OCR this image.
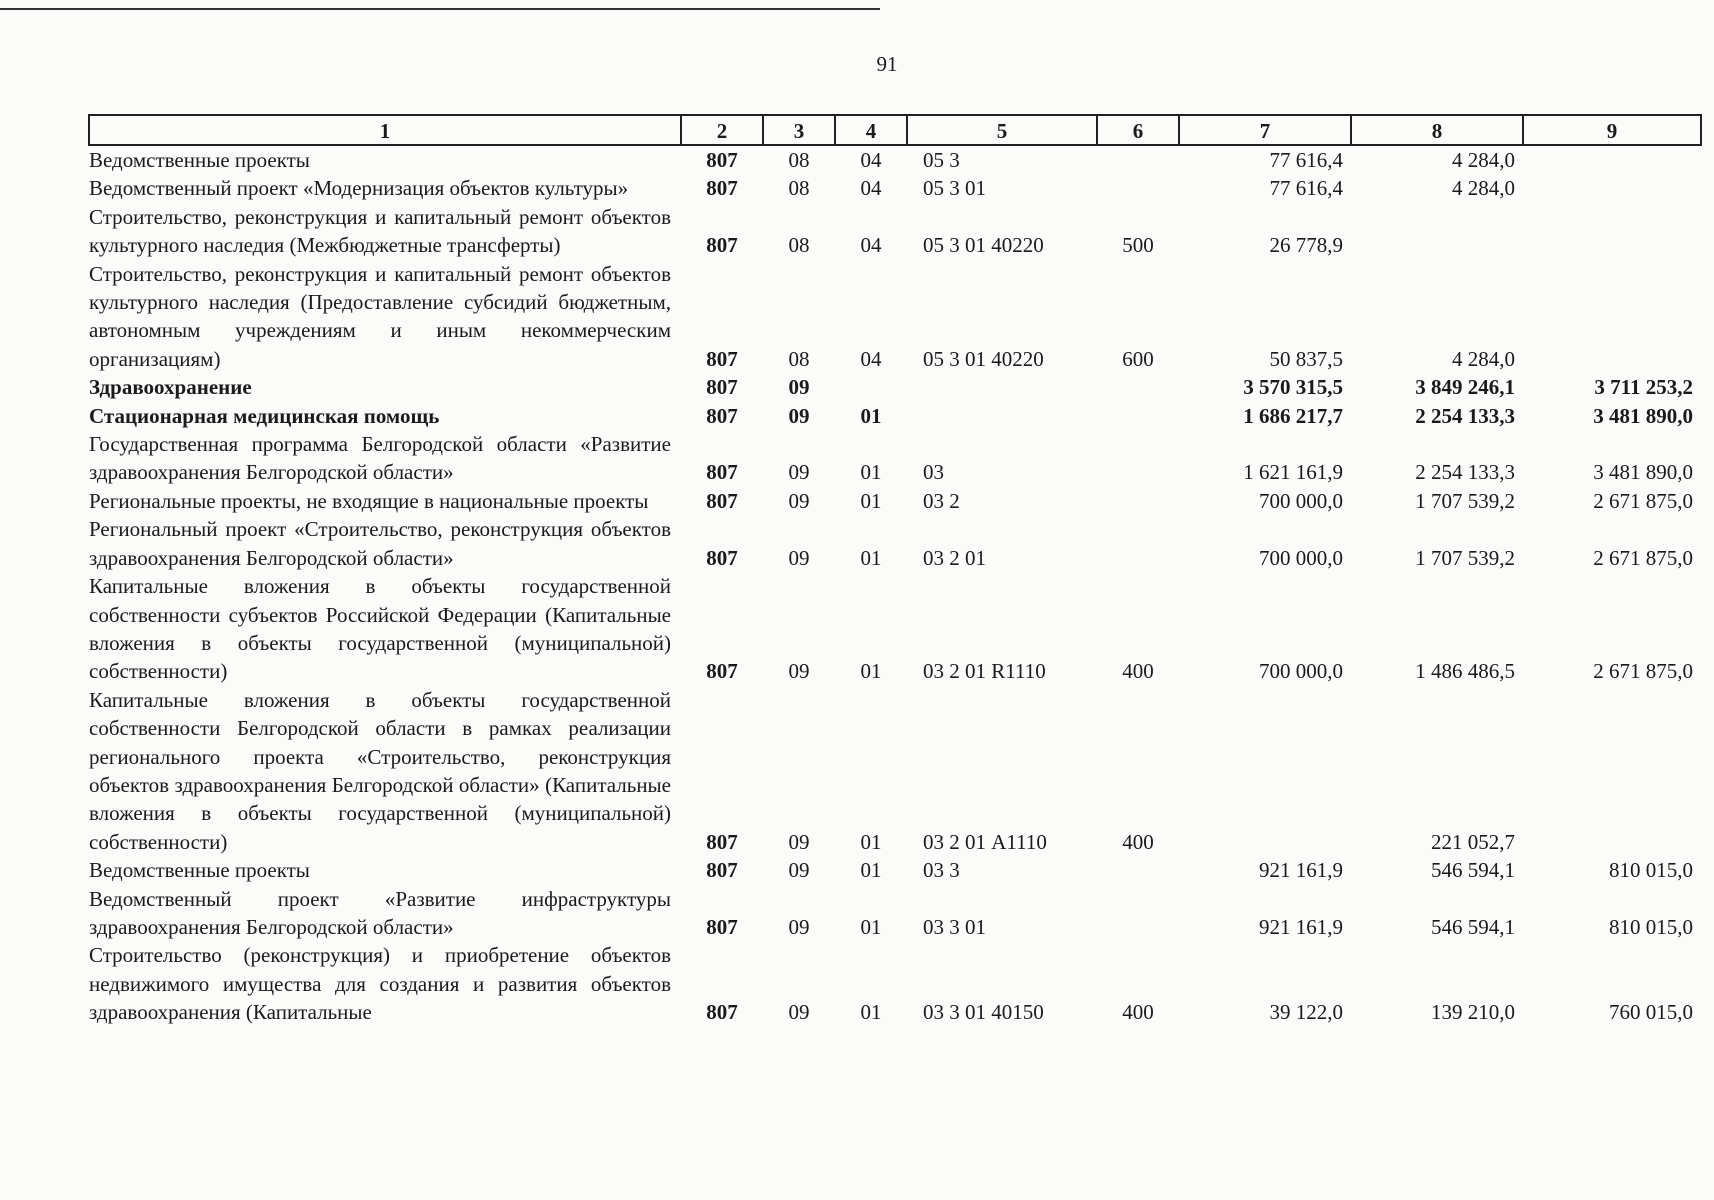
91
1	2	3	4	5	6	7	8	9
Ведомственные проекты	807	08	04	05 3		77 616,4	4 284,0	
Ведомственный проект «Модернизация объектов культуры»	807	08	04	05 3 01		77 616,4	4 284,0	
Строительство, реконструкция и капитальный ремонт объектов культурного наследия (Межбюджетные трансферты)	807	08	04	05 3 01 40220	500	26 778,9		
Строительство, реконструкция и капитальный ремонт объектов культурного наследия (Предоставление субсидий бюджетным, автономным учреждениям и иным некоммерческим организациям)	807	08	04	05 3 01 40220	600	50 837,5	4 284,0	
Здравоохранение	807	09				3 570 315,5	3 849 246,1	3 711 253,2
Стационарная медицинская помощь	807	09	01			1 686 217,7	2 254 133,3	3 481 890,0
Государственная программа Белгородской области «Развитие здравоохранения Белгородской области»	807	09	01	03		1 621 161,9	2 254 133,3	3 481 890,0
Региональные проекты, не входящие в национальные проекты	807	09	01	03 2		700 000,0	1 707 539,2	2 671 875,0
Региональный проект «Строительство, реконструкция объектов здравоохранения Белгородской области»	807	09	01	03 2 01		700 000,0	1 707 539,2	2 671 875,0
Капитальные вложения в объекты государственной собственности субъектов Российской Федерации (Капитальные вложения в объекты государственной (муниципальной) собственности)	807	09	01	03 2 01 R1110	400	700 000,0	1 486 486,5	2 671 875,0
Капитальные вложения в объекты государственной собственности Белгородской области в рамках реализации регионального проекта «Строительство, реконструкция объектов здравоохранения Белгородской области» (Капитальные вложения в объекты государственной (муниципальной) собственности)	807	09	01	03 2 01 А1110	400		221 052,7	
Ведомственные проекты	807	09	01	03 3		921 161,9	546 594,1	810 015,0
Ведомственный проект «Развитие инфраструктуры здравоохранения Белгородской области»	807	09	01	03 3 01		921 161,9	546 594,1	810 015,0
Строительство (реконструкция) и приобретение объектов недвижимого имущества для создания и развития объектов здравоохранения (Капитальные	807	09	01	03 3 01 40150	400	39 122,0	139 210,0	760 015,0
